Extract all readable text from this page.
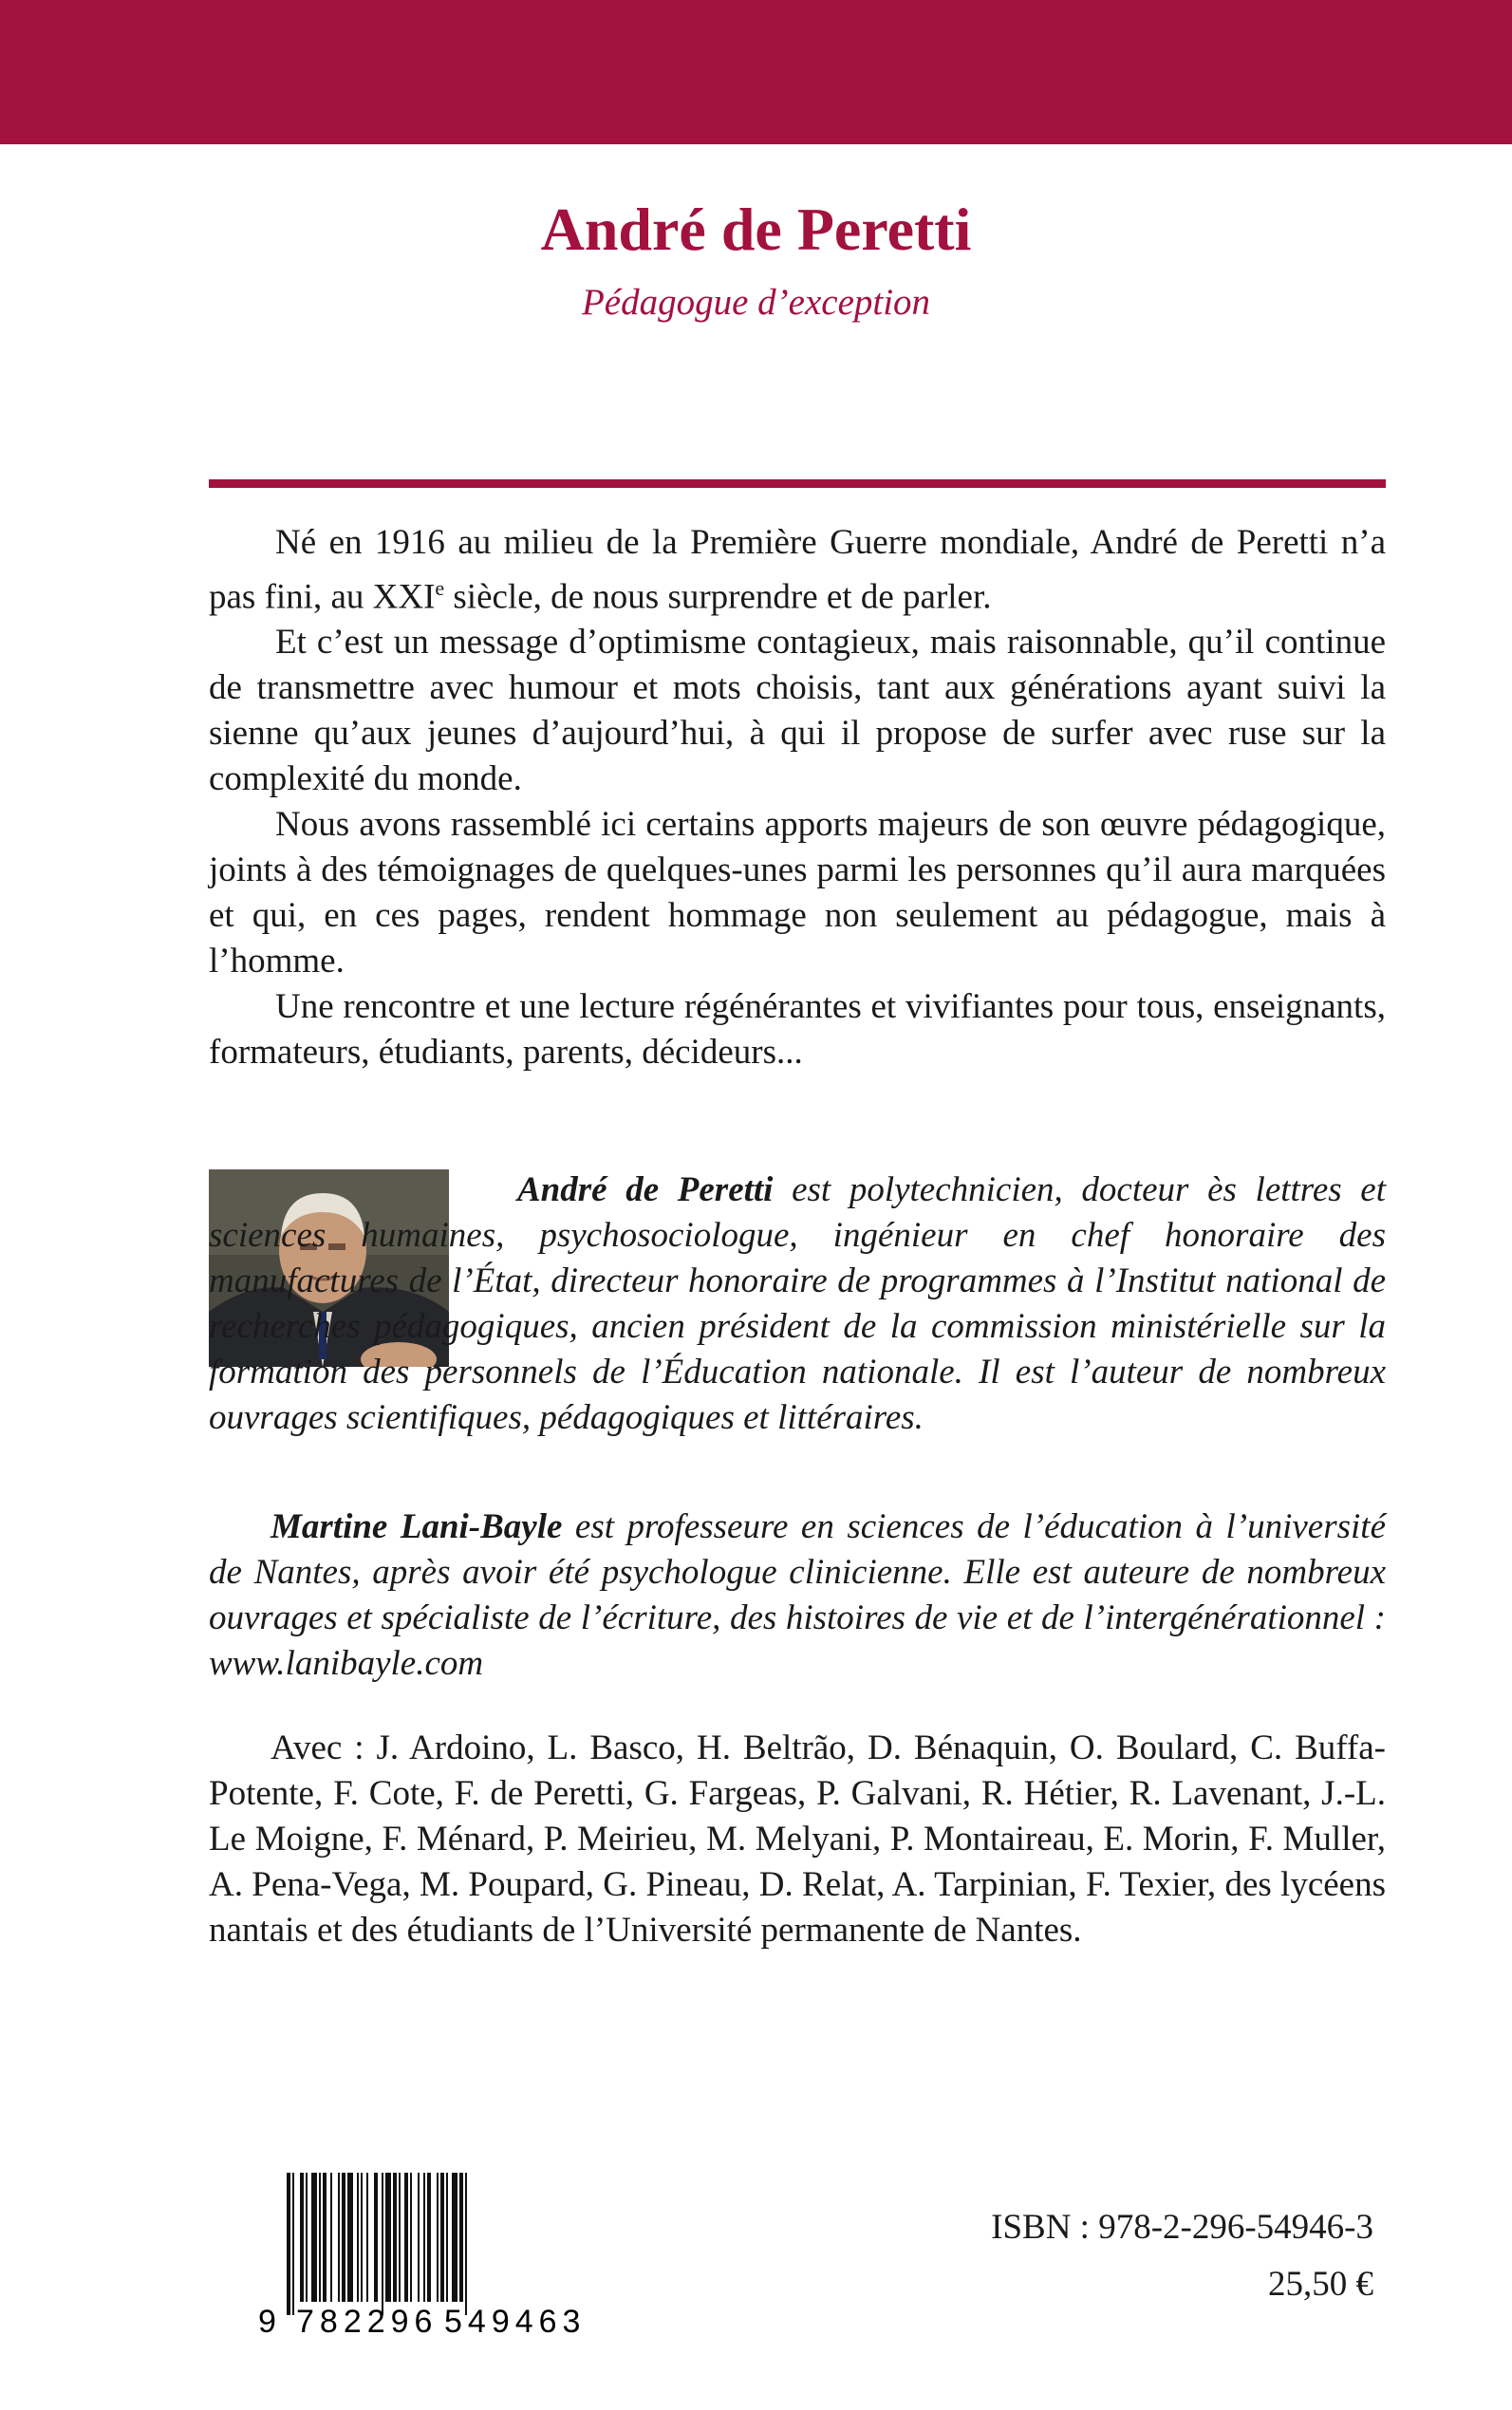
André de Peretti
Pédagogue d’exception

Né en 1916 au milieu de la Première Guerre mondiale, André de Peretti n’a pas fini, au XXIe siècle, de nous surprendre et de parler.

Et c’est un message d’optimisme contagieux, mais raisonnable, qu’il continue de transmettre avec humour et mots choisis, tant aux générations ayant suivi la sienne qu’aux jeunes d’aujourd’hui, à qui il propose de surfer avec ruse sur la complexité du monde.

Nous avons rassemblé ici certains apports majeurs de son œuvre pédagogique, joints à des témoignages de quelques-unes parmi les personnes qu’il aura marquées et qui, en ces pages, rendent hommage non seulement au pédagogue, mais à l’homme.

Une rencontre et une lecture régénérantes et vivifiantes pour tous, enseignants, formateurs, étudiants, parents, décideurs...

André de Peretti est polytechnicien, docteur ès lettres et sciences humaines, psychosociologue, ingénieur en chef honoraire des manufactures de l’État, directeur honoraire de programmes à l’Institut national de recherches pédagogiques, ancien président de la commission ministérielle sur la formation des personnels de l’Éducation nationale. Il est l’auteur de nombreux ouvrages scientifiques, pédagogiques et littéraires.

Martine Lani-Bayle est professeure en sciences de l’éducation à l’université de Nantes, après avoir été psychologue clinicienne. Elle est auteure de nombreux ouvrages et spécialiste de l’écriture, des histoires de vie et de l’intergénérationnel : www.lanibayle.com

Avec : J. Ardoino, L. Basco, H. Beltrão, D. Bénaquin, O. Boulard, C. Buffa-Potente, F. Cote, F. de Peretti, G. Fargeas, P. Galvani, R. Hétier, R. Lavenant, J.-L. Le Moigne, F. Ménard, P. Meirieu, M. Melyani, P. Montaireau, E. Morin, F. Muller, A. Pena-Vega, M. Poupard, G. Pineau, D. Relat, A. Tarpinian, F. Texier, des lycéens nantais et des étudiants de l’Université permanente de Nantes.

9 782296 549463
ISBN : 978-2-296-54946-3
25,50 €
